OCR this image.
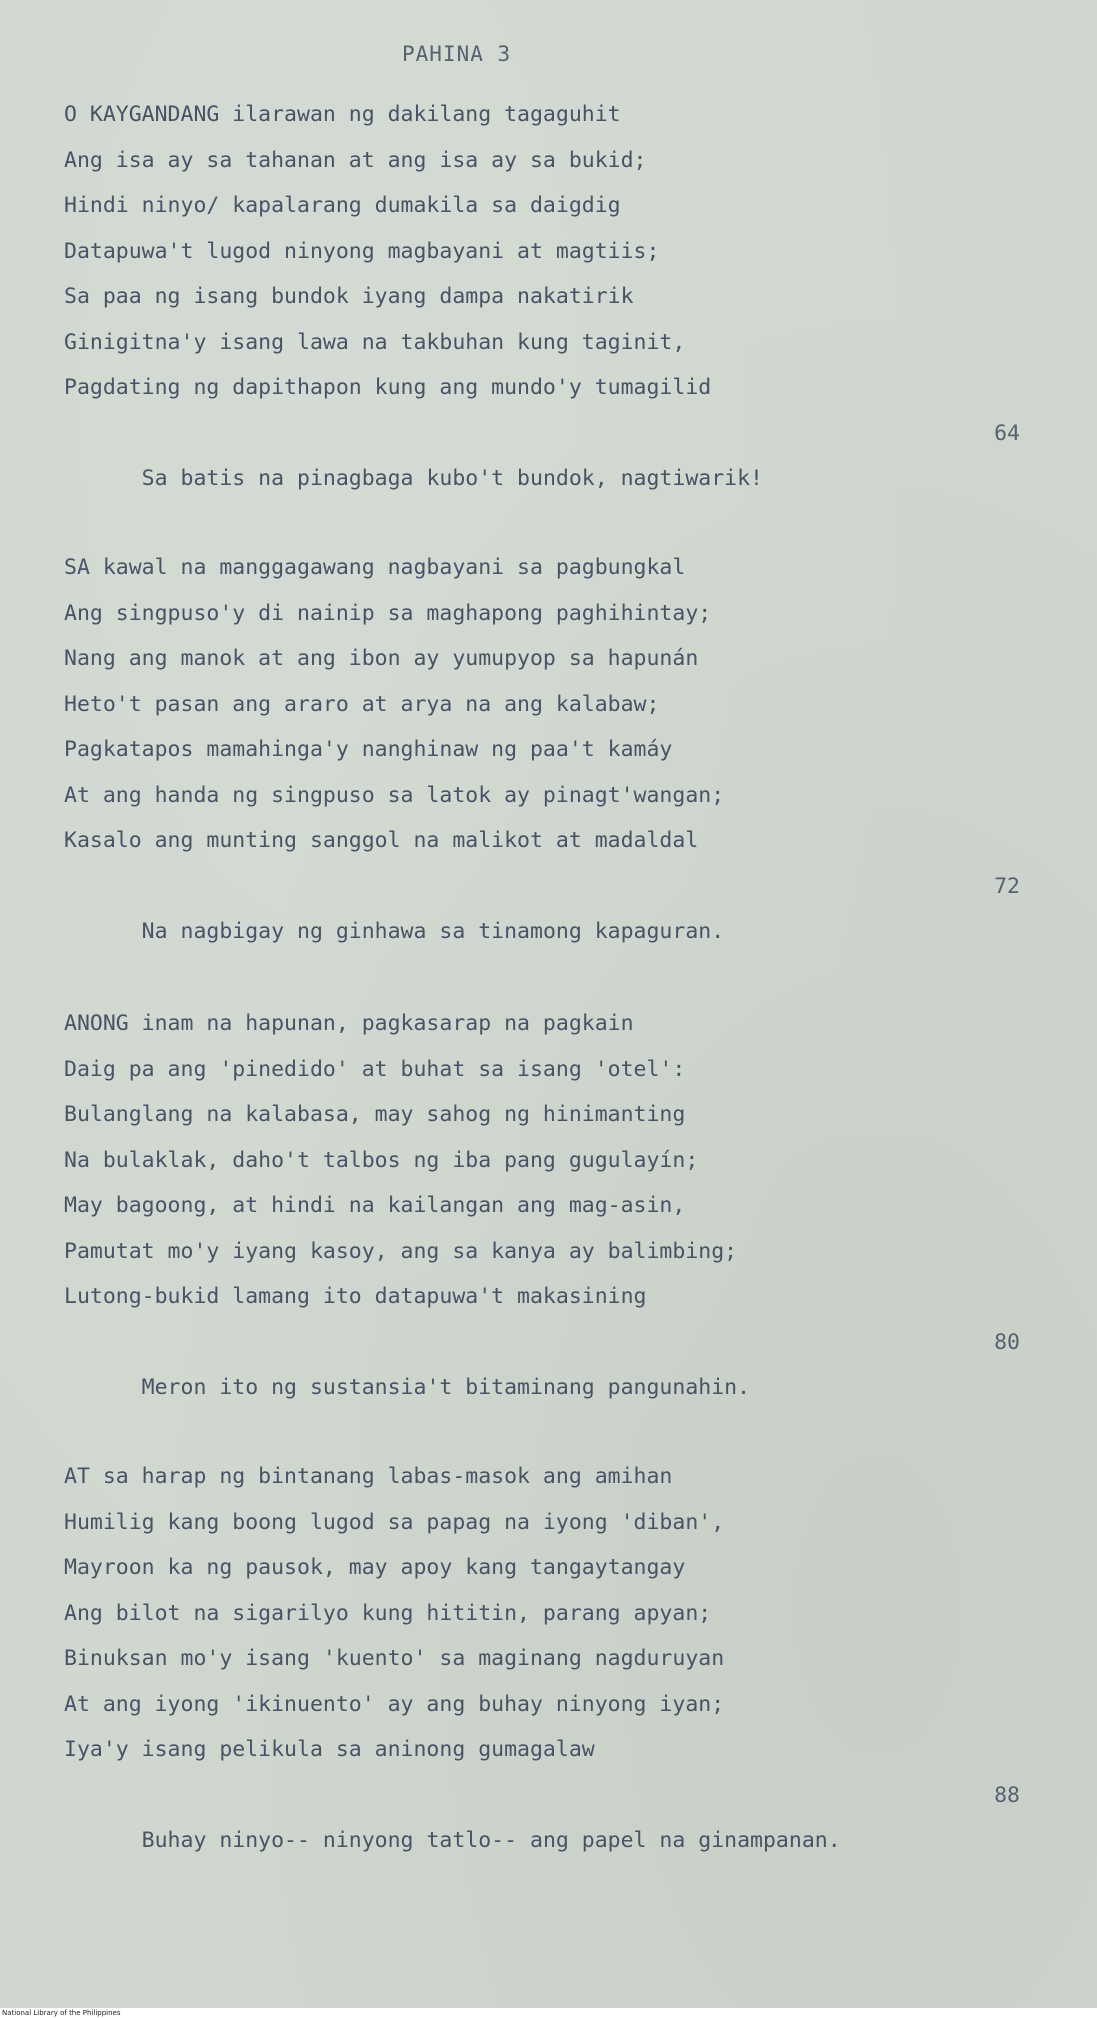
PAHINA 3
O KAYGANDANG ilarawan ng dakilang tagaguhit
Ang isa ay sa tahanan at ang isa ay sa bukid;
Hindi ninyo/ kapalarang dumakila sa daigdig
Datapuwa't lugod ninyong magbayani at magtiis;
Sa paa ng isang bundok iyang dampa nakatirik
Ginigitna'y isang lawa na takbuhan kung taginit,
Pagdating ng dapithapon kung ang mundo'y tumagilid

Sa batis na pinagbaga kubo't bundok, nagtiwarik!

64

SA kawal na manggagawang nagbayani sa pagbungkal
Ang singpuso'y di nainip sa maghapong paghihintay;
Nang ang manok at ang ibon ay yumupyop sa hapunán
Heto't pasan ang araro at arya na ang kalabaw;
Pagkatapos mamahinga'y nanghinaw ng paa't kamáy
At ang handa ng singpuso sa latok ay pinagt'wangan;
Kasalo ang munting sanggol na malikot at madaldal

Na nagbigay ng ginhawa sa tinamong kapaguran.

72

ANONG inam na hapunan, pagkasarap na pagkain
Daig pa ang 'pinedido' at buhat sa isang 'otel':
Bulanglang na kalabasa, may sahog ng hinimanting
Na bulaklak, daho't talbos ng iba pang gugulayín;
May bagoong, at hindi na kailangan ang mag-asin,
Pamutat mo'y iyang kasoy, ang sa kanya ay balimbing;
Lutong-bukid lamang ito datapuwa't makasining

Meron ito ng sustansia't bitaminang pangunahin.

80

AT sa harap ng bintanang labas-masok ang amihan
Humilig kang boong lugod sa papag na iyong 'diban',
Mayroon ka ng pausok, may apoy kang tangaytangay
Ang bilot na sigarilyo kung hititin, parang apyan;
Binuksan mo'y isang 'kuento' sa maginang nagduruyan
At ang iyong 'ikinuento' ay ang buhay ninyong iyan;
Iya'y isang pelikula sa aninong gumagalaw

Buhay ninyo-- ninyong tatlo-- ang papel na ginampanan.

88

National Library of the Philippines
